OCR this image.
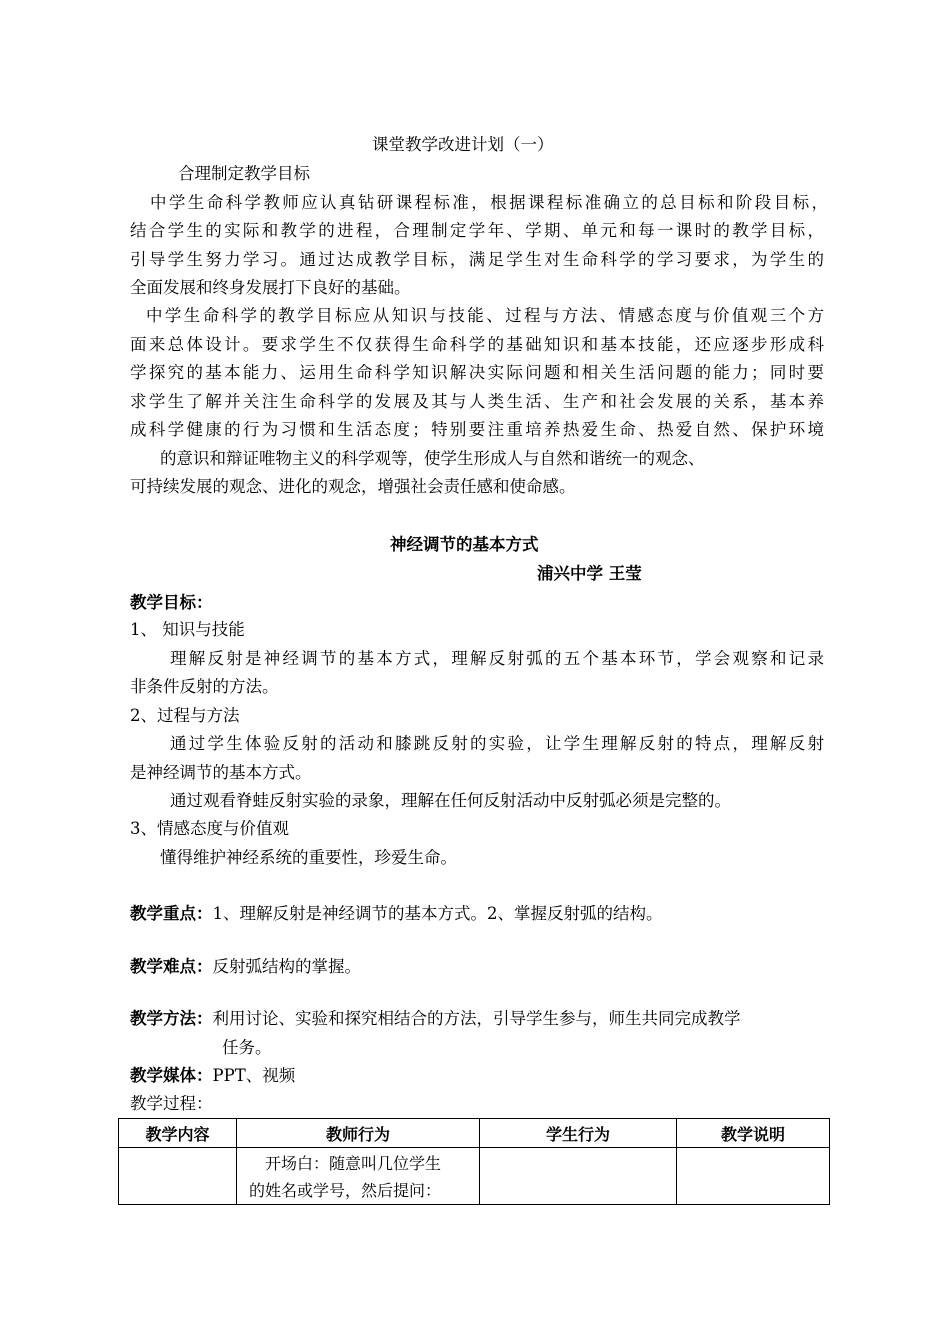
课堂教学改进计划（一）
合理制定教学目标
中学生命科学教师应认真钻研课程标准，根据课程标准确立的总目标和阶段目标，
结合学生的实际和教学的进程，合理制定学年、学期、单元和每一课时的教学目标，
引导学生努力学习。通过达成教学目标，满足学生对生命科学的学习要求，为学生的
全面发展和终身发展打下良好的基础。
中学生命科学的教学目标应从知识与技能、过程与方法、情感态度与价值观三个方
面来总体设计。要求学生不仅获得生命科学的基础知识和基本技能，还应逐步形成科
学探究的基本能力、运用生命科学知识解决实际问题和相关生活问题的能力；同时要
求学生了解并关注生命科学的发展及其与人类生活、生产和社会发展的关系，基本养
成科学健康的行为习惯和生活态度；特别要注重培养热爱生命、热爱自然、保护环境
的意识和辩证唯物主义的科学观等，使学生形成人与自然和谐统一的观念、
可持续发展的观念、进化的观念，增强社会责任感和使命感。
神经调节的基本方式
浦兴中学 王莹
教学目标：
1、 知识与技能
理解反射是神经调节的基本方式，理解反射弧的五个基本环节，学会观察和记录
非条件反射的方法。
2、过程与方法
通过学生体验反射的活动和膝跳反射的实验，让学生理解反射的特点，理解反射
是神经调节的基本方式。
通过观看脊蛙反射实验的录象，理解在任何反射活动中反射弧必须是完整的。
3、情感态度与价值观
懂得维护神经系统的重要性，珍爱生命。
教学重点：1、理解反射是神经调节的基本方式。2、掌握反射弧的结构。
教学难点：反射弧结构的掌握。
教学方法：利用讨论、实验和探究相结合的方法，引导学生参与，师生共同完成教学
任务。
教学媒体：PPT、视频
教学过程：
教学内容	教师行为	学生行为	教学说明

	开场白：随意叫几位学生
的姓名或学号，然后提问：		
